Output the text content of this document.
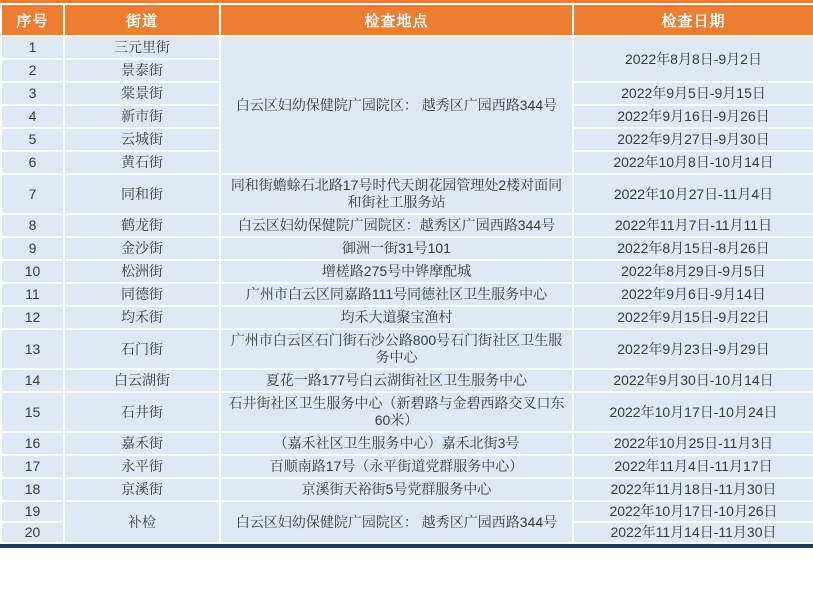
序号	街道	检查地点	检查日期
1	三元里街	白云区妇幼保健院广园院区： 越秀区广园西路344号	2022年8月8日-9月2日
2	景泰街		
3	棠景街		2022年9月5日-9月15日
4	新市街		2022年9月16日-9月26日
5	云城街		2022年9月27日-9月30日
6	黄石街		2022年10月8日-10月14日
7	同和街	同和街蟾蜍石北路17号时代天朗花园管理处2楼对面同和街社工服务站	2022年10月27日-11月4日
8	鹤龙街	白云区妇幼保健院广园院区：越秀区广园西路344号	2022年11月7日-11月11日
9	金沙街	御洲一街31号101	2022年8月15日-8月26日
10	松洲街	增槎路275号中铧摩配城	2022年8月29日-9月5日
11	同德街	广州市白云区同嘉路111号同德社区卫生服务中心	2022年9月6日-9月14日
12	均禾街	均禾大道聚宝渔村	2022年9月15日-9月22日
13	石门街	广州市白云区石门街石沙公路800号石门街社区卫生服务中心	2022年9月23日-9月29日
14	白云湖街	夏花一路177号白云湖街社区卫生服务中心	2022年9月30日-10月14日
15	石井街	石井街社区卫生服务中心（新碧路与金碧西路交叉口东60米）	2022年10月17日-10月24日
16	嘉禾街	（嘉禾社区卫生服务中心）嘉禾北街3号	2022年10月25日-11月3日
17	永平街	百顺南路17号（永平街道党群服务中心）	2022年11月4日-11月17日
18	京溪街	京溪街天裕街5号党群服务中心	2022年11月18日-11月30日
19	补检	白云区妇幼保健院广园院区： 越秀区广园西路344号	2022年10月17日-10月26日
20			2022年11月14日-11月30日
